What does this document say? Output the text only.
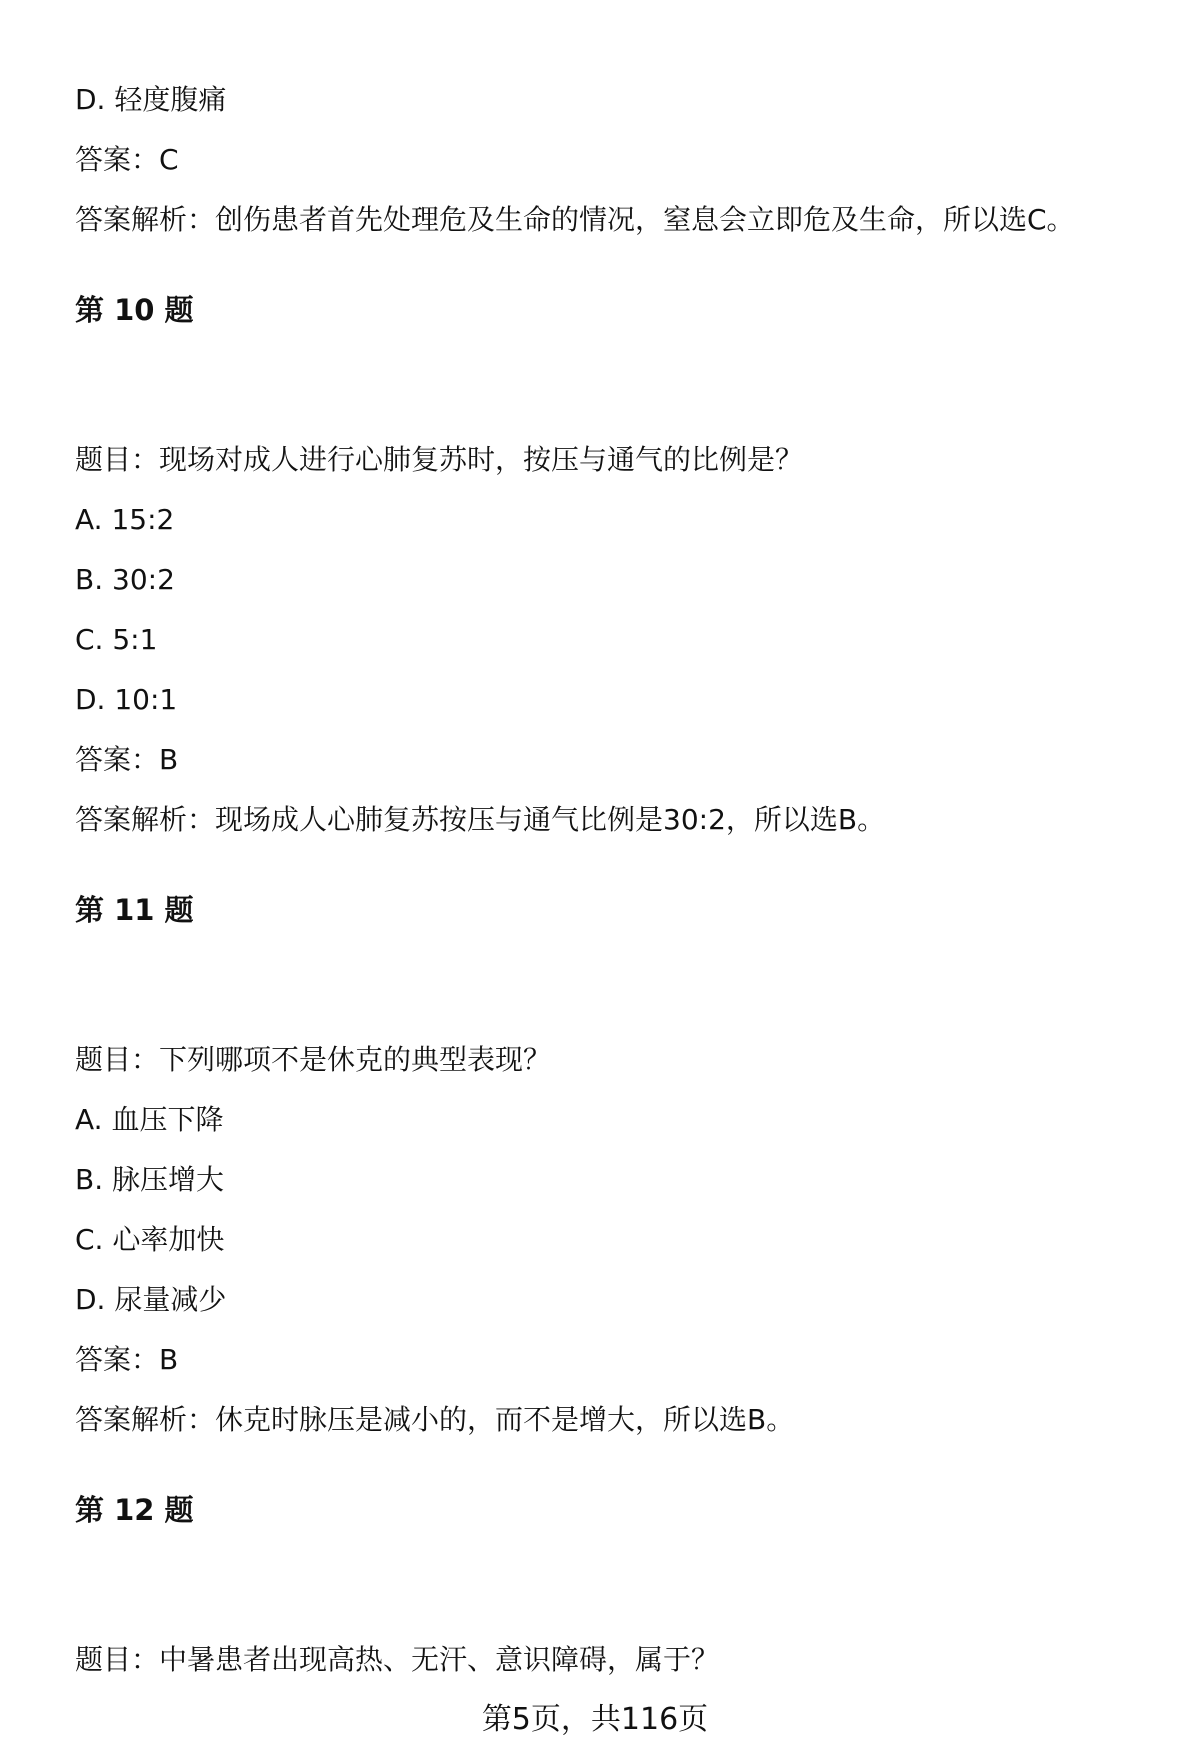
D. 轻度腹痛
答案：C
答案解析：创伤患者首先处理危及生命的情况，窒息会立即危及生命，所以选C。
第 10 题
题目：现场对成人进行心肺复苏时，按压与通气的比例是？
A. 15:2
B. 30:2
C. 5:1
D. 10:1
答案：B
答案解析：现场成人心肺复苏按压与通气比例是30:2，所以选B。
第 11 题
题目：下列哪项不是休克的典型表现？
A. 血压下降
B. 脉压增大
C. 心率加快
D. 尿量减少
答案：B
答案解析：休克时脉压是减小的，而不是增大，所以选B。
第 12 题
题目：中暑患者出现高热、无汗、意识障碍，属于？
第5页，共116页
